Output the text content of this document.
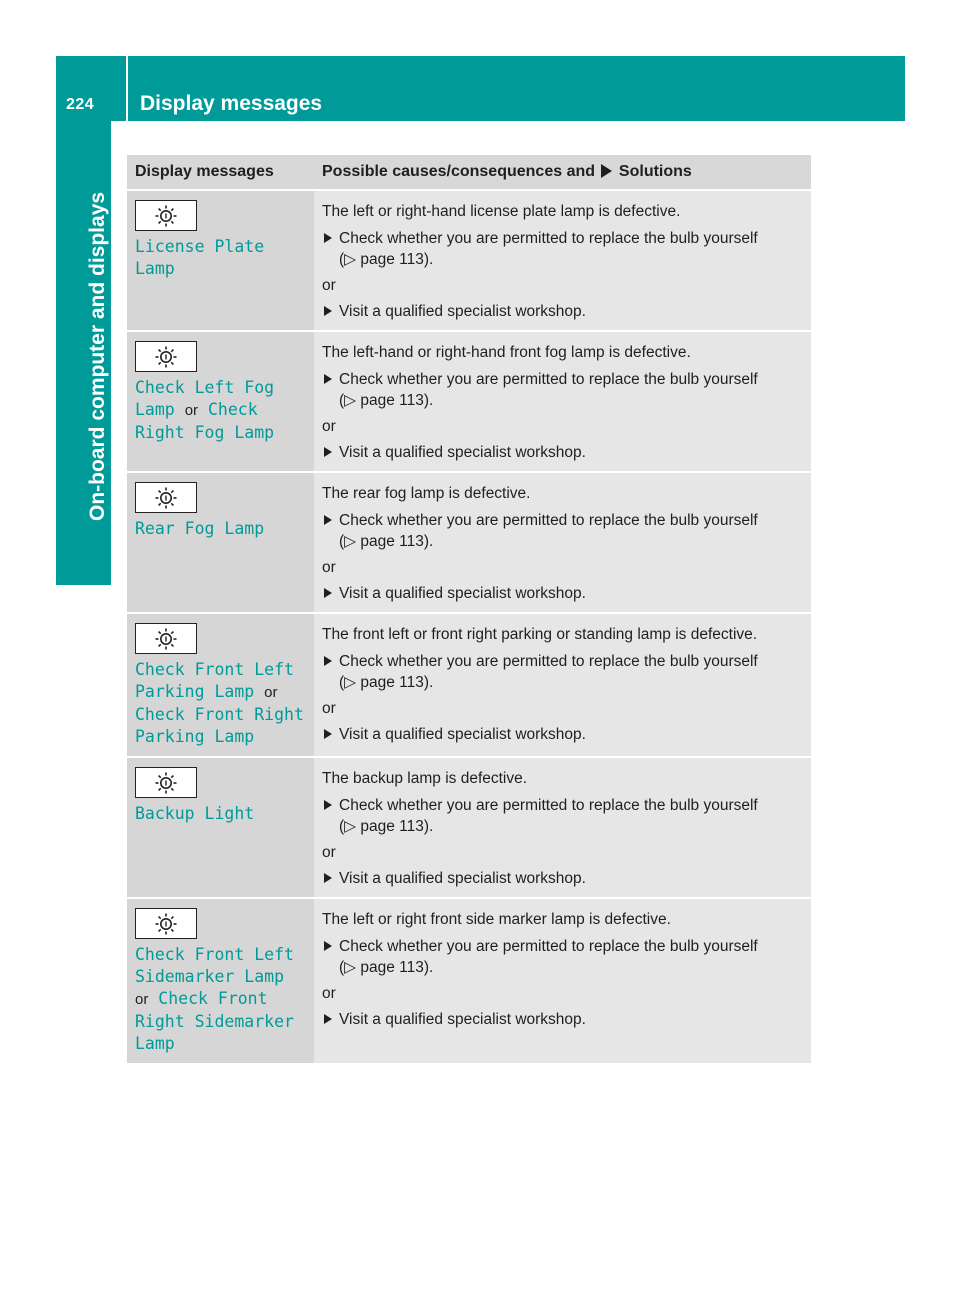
224	Display messages
On-board computer and displays
Display messages	Possible causes/consequences and Solutions

License Plate Lamp	The left or right-hand license plate lamp is defective.
Check whether you are permitted to replace the bulb yourself
(▷ page 113).
or
Visit a qualified specialist workshop.

Check Left Fog Lamp or Check Right Fog Lamp	The left-hand or right-hand front fog lamp is defective.
Check whether you are permitted to replace the bulb yourself
(▷ page 113).
or
Visit a qualified specialist workshop.

Rear Fog Lamp	The rear fog lamp is defective.
Check whether you are permitted to replace the bulb yourself
(▷ page 113).
or
Visit a qualified specialist workshop.

Check Front Left Parking Lamp or Check Front Right Parking Lamp	The front left or front right parking or standing lamp is defective.
Check whether you are permitted to replace the bulb yourself
(▷ page 113).
or
Visit a qualified specialist workshop.

Backup Light	The backup lamp is defective.
Check whether you are permitted to replace the bulb yourself
(▷ page 113).
or
Visit a qualified specialist workshop.

Check Front Left Sidemarker Lamp or Check Front Right Sidemarker Lamp	The left or right front side marker lamp is defective.
Check whether you are permitted to replace the bulb yourself
(▷ page 113).
or
Visit a qualified specialist workshop.
